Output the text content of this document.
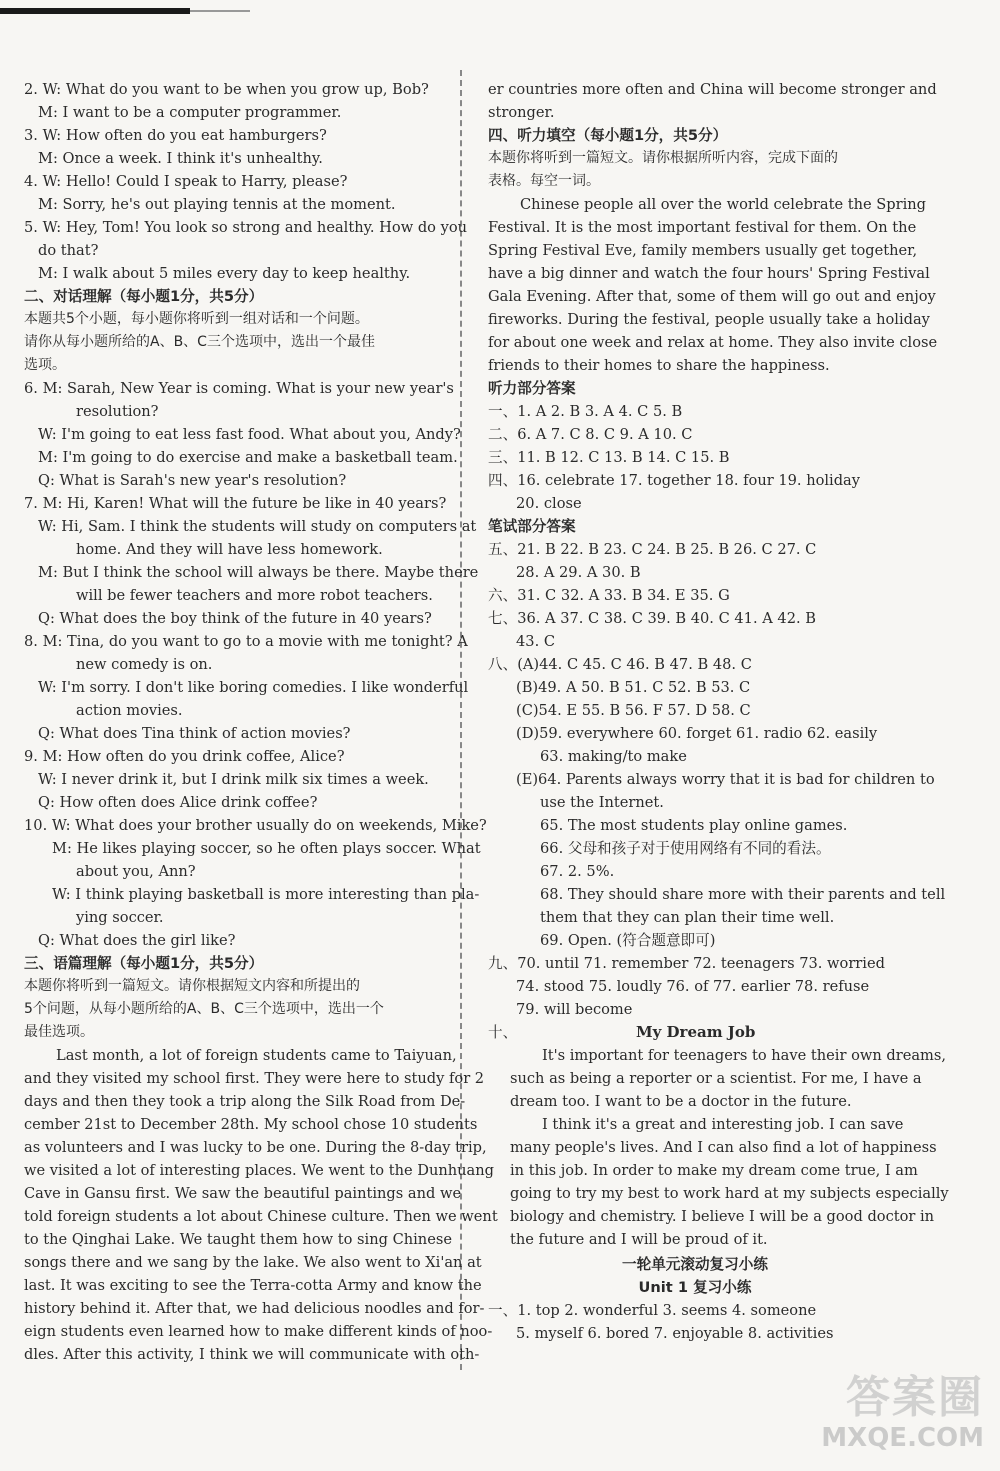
2. W: What do you want to be when you grow up, Bob?
M: I want to be a computer programmer.
3. W: How often do you eat hamburgers?
M: Once a week. I think it's unhealthy.
4. W: Hello! Could I speak to Harry, please?
M: Sorry, he's out playing tennis at the moment.
5. W: Hey, Tom! You look so strong and healthy. How do you
do that?
M: I walk about 5 miles every day to keep healthy.
二、对话理解（每小题1分，共5分）
本题共5个小题，每小题你将听到一组对话和一个问题。
请你从每小题所给的A、B、C三个选项中，选出一个最佳
选项。
6. M: Sarah, New Year is coming. What is your new year's
resolution?
W: I'm going to eat less fast food. What about you, Andy?
M: I'm going to do exercise and make a basketball team.
Q: What is Sarah's new year's resolution?
7. M: Hi, Karen! What will the future be like in 40 years?
W: Hi, Sam. I think the students will study on computers at
home. And they will have less homework.
M: But I think the school will always be there. Maybe there
will be fewer teachers and more robot teachers.
Q: What does the boy think of the future in 40 years?
8. M: Tina, do you want to go to a movie with me tonight? A
new comedy is on.
W: I'm sorry. I don't like boring comedies. I like wonderful
action movies.
Q: What does Tina think of action movies?
9. M: How often do you drink coffee, Alice?
W: I never drink it, but I drink milk six times a week.
Q: How often does Alice drink coffee?
10. W: What does your brother usually do on weekends, Mike?
M: He likes playing soccer, so he often plays soccer. What
about you, Ann?
W: I think playing basketball is more interesting than pla-
ying soccer.
Q: What does the girl like?
三、语篇理解（每小题1分，共5分）
本题你将听到一篇短文。请你根据短文内容和所提出的
5个问题，从每小题所给的A、B、C三个选项中，选出一个
最佳选项。
Last month, a lot of foreign students came to Taiyuan,
and they visited my school first. They were here to study for 2
days and then they took a trip along the Silk Road from De-
cember 21st to December 28th. My school chose 10 students
as volunteers and I was lucky to be one. During the 8-day trip,
we visited a lot of interesting places. We went to the Dunhuang
Cave in Gansu first. We saw the beautiful paintings and we
told foreign students a lot about Chinese culture. Then we went
to the Qinghai Lake. We taught them how to sing Chinese
songs there and we sang by the lake. We also went to Xi'an at
last. It was exciting to see the Terra-cotta Army and know the
history behind it. After that, we had delicious noodles and for-
eign students even learned how to make different kinds of noo-
dles. After this activity, I think we will communicate with oth-
er countries more often and China will become stronger and
stronger.
四、听力填空（每小题1分，共5分）
本题你将听到一篇短文。请你根据所听内容，完成下面的
表格。每空一词。
Chinese people all over the world celebrate the Spring
Festival. It is the most important festival for them. On the
Spring Festival Eve, family members usually get together,
have a big dinner and watch the four hours' Spring Festival
Gala Evening. After that, some of them will go out and enjoy
fireworks. During the festival, people usually take a holiday
for about one week and relax at home. They also invite close
friends to their homes to share the happiness.
听力部分答案
一、1. A 2. B 3. A 4. C 5. B
二、6. A 7. C 8. C 9. A 10. C
三、11. B 12. C 13. B 14. C 15. B
四、16. celebrate 17. together 18. four 19. holiday
20. close
笔试部分答案
五、21. B 22. B 23. C 24. B 25. B 26. C 27. C
28. A 29. A 30. B
六、31. C 32. A 33. B 34. E 35. G
七、36. A 37. C 38. C 39. B 40. C 41. A 42. B
43. C
八、(A)44. C 45. C 46. B 47. B 48. C
(B)49. A 50. B 51. C 52. B 53. C
(C)54. E 55. B 56. F 57. D 58. C
(D)59. everywhere 60. forget 61. radio 62. easily
63. making/to make
(E)64. Parents always worry that it is bad for children to
use the Internet.
65. The most students play online games.
66. 父母和孩子对于使用网络有不同的看法。
67. 2. 5%.
68. They should share more with their parents and tell
them that they can plan their time well.
69. Open. (符合题意即可)
九、70. until 71. remember 72. teenagers 73. worried
74. stood 75. loudly 76. of 77. earlier 78. refuse
79. will become
十、	My Dream Job
It's important for teenagers to have their own dreams,
such as being a reporter or a scientist. For me, I have a
dream too. I want to be a doctor in the future.
I think it's a great and interesting job. I can save
many people's lives. And I can also find a lot of happiness
in this job. In order to make my dream come true, I am
going to try my best to work hard at my subjects especially
biology and chemistry. I believe I will be a good doctor in
the future and I will be proud of it.
一轮单元滚动复习小练
Unit 1 复习小练
一、1. top 2. wonderful 3. seems 4. someone
5. myself 6. bored 7. enjoyable 8. activities
答案圈
MXQE.COM
